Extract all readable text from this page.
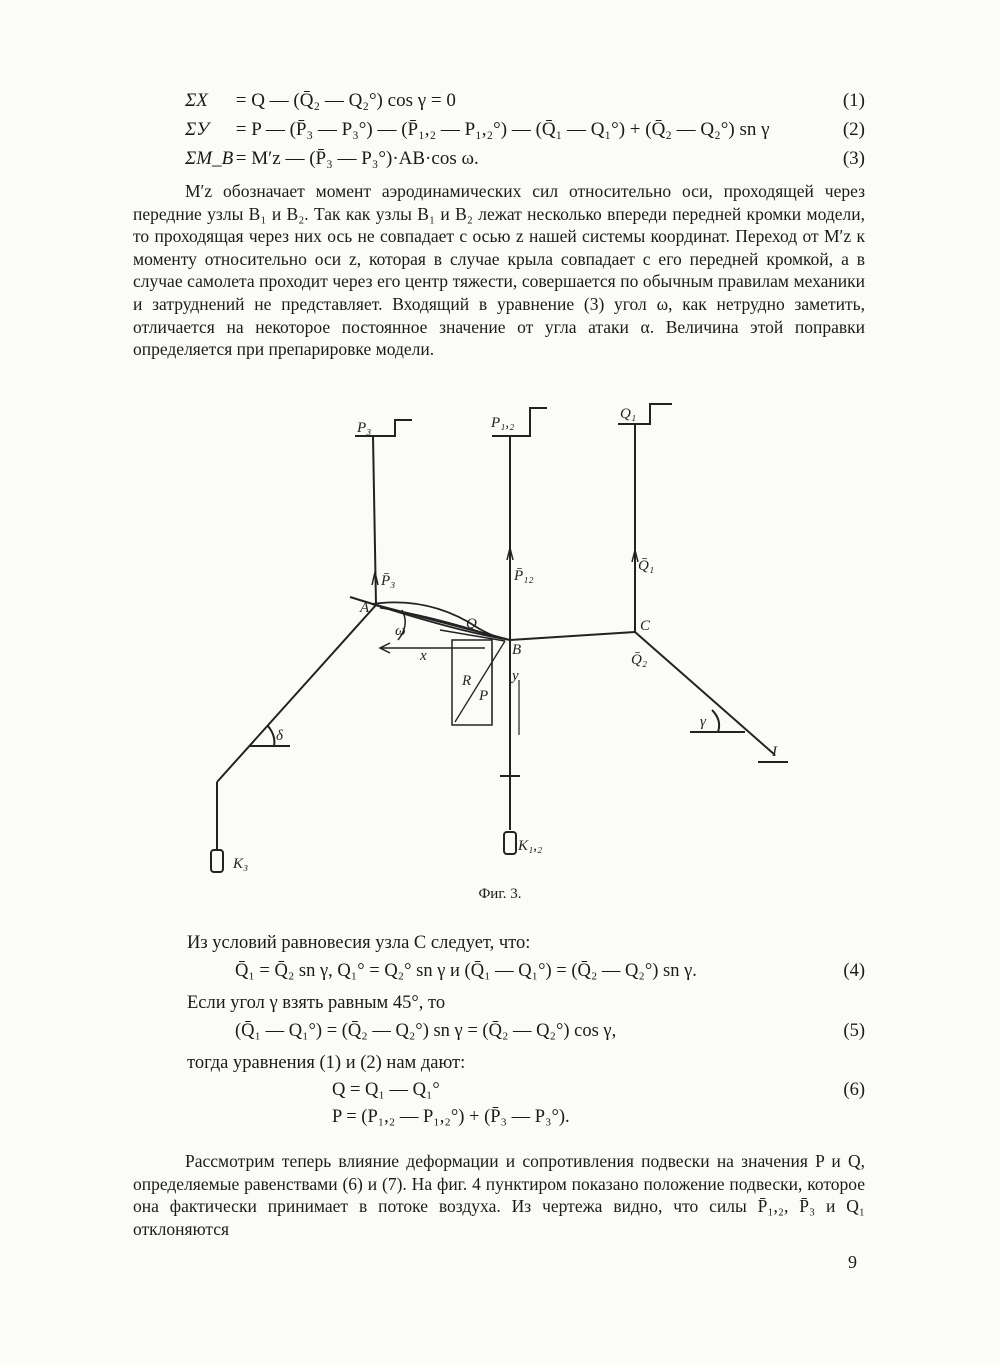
ΣX = Q — (Q̄₂ — Q₂°) cos γ = 0	(1)
ΣУ = P — (P̄₃ — P₃°) — (P̄₁,₂ — P₁,₂°) — (Q̄₁ — Q₁°) + (Q̄₂ — Q₂°) sn γ	(2)
ΣM_B = M′z — (P̄₃ — P₃°)·AB·cos ω.	(3)

M′z обозначает момент аэродинамических сил относительно оси, проходящей через передние узлы B₁ и B₂. Так как узлы B₁ и B₂ лежат несколько впереди передней кромки модели, то проходящая через них ось не совпадает с осью z нашей системы координат. Переход от M′z к моменту относительно оси z, которая в случае крыла совпадает с его передней кромкой, а в случае самолета проходит через его центр тяжести, совершается по обычным правилам механики и затруднений не представляет. Входящий в уравнение (3) угол ω, как нетрудно заметить, отличается на некоторое постоянное значение от угла атаки α. Величина этой поправки определяется при препарировке модели.

P₃	P₁,₂
Q₁
P̄₃	P̄₁₂
Q̄₁
Q̄₂
A
B
C
Q
ω
x
R
P
y
δ
γ
I
K₃
K₁,₂
Фиг. 3.
Из условий равновесия узла C следует, что:
Q̄₁ = Q̄₂ sn γ, Q₁° = Q₂° sn γ и (Q̄₁ — Q₁°) = (Q̄₂ — Q₂°) sn γ.	(4)
Если угол γ взять равным 45°, то
(Q̄₁ — Q₁°) = (Q̄₂ — Q₂°) sn γ = (Q̄₂ — Q₂°) cos γ,	(5)
тогда уравнения (1) и (2) нам дают:
Q = Q₁ — Q₁°	(6)
P = (P₁,₂ — P₁,₂°) + (P̄₃ — P₃°).

Рассмотрим теперь влияние деформации и сопротивления подвески на значения P и Q, определяемые равенствами (6) и (7). На фиг. 4 пунктиром показано положение подвески, которое она фактически принимает в потоке воздуха. Из чертежа видно, что силы P̄₁,₂, P̄₃ и Q₁ отклоняются

9
